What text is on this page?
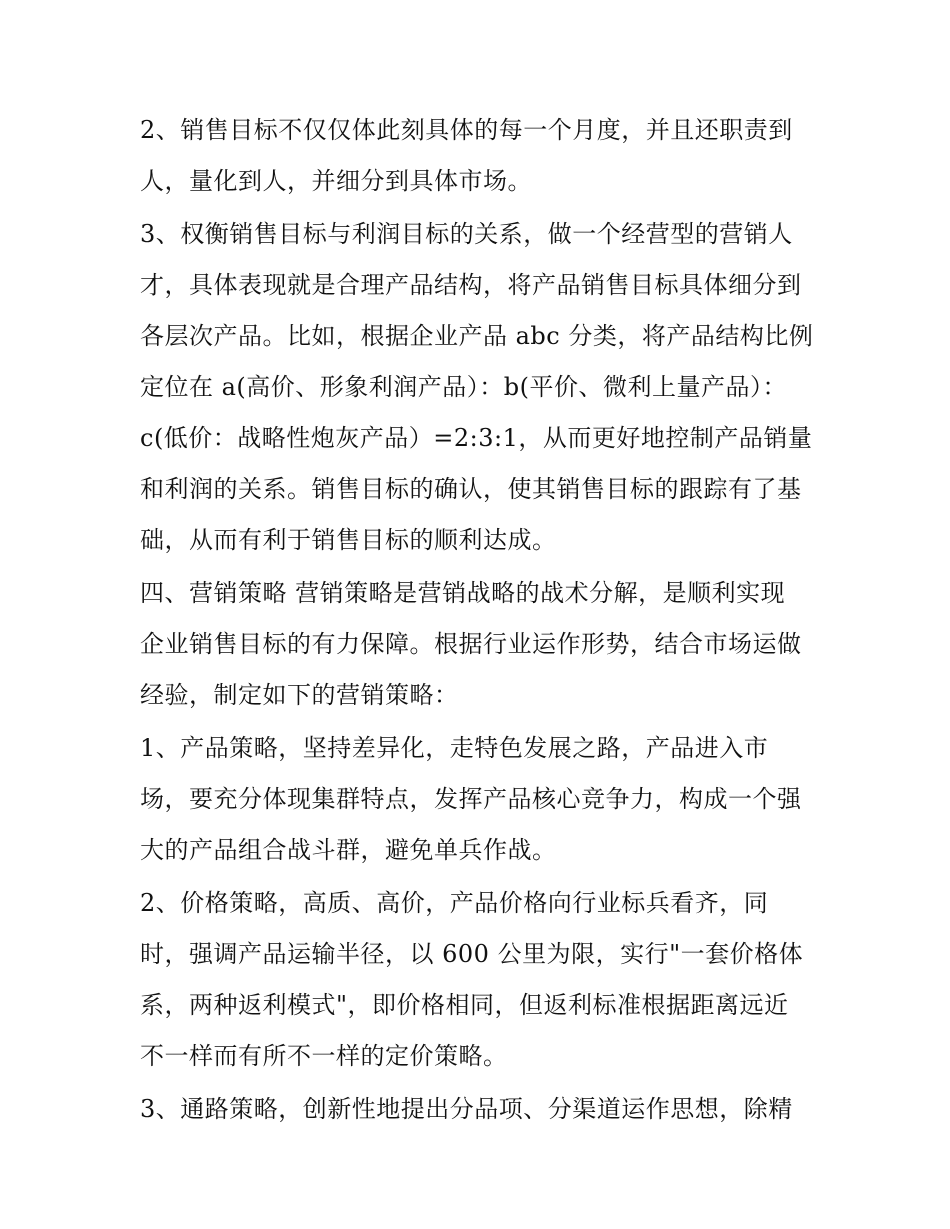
2、销售目标不仅仅体此刻具体的每一个月度，并且还职责到
人，量化到人，并细分到具体市场。

3、权衡销售目标与利润目标的关系，做一个经营型的营销人
才，具体表现就是合理产品结构，将产品销售目标具体细分到
各层次产品。比如，根据企业产品 abc 分类，将产品结构比例
定位在 a(高价、形象利润产品）：b(平价、微利上量产品）：
c(低价：战略性炮灰产品）=2:3:1，从而更好地控制产品销量
和利润的关系。销售目标的确认，使其销售目标的跟踪有了基
础，从而有利于销售目标的顺利达成。

四、营销策略 营销策略是营销战略的战术分解，是顺利实现
企业销售目标的有力保障。根据行业运作形势，结合市场运做
经验，制定如下的营销策略：

1、产品策略，坚持差异化，走特色发展之路，产品进入市
场，要充分体现集群特点，发挥产品核心竞争力，构成一个强
大的产品组合战斗群，避免单兵作战。

2、价格策略，高质、高价，产品价格向行业标兵看齐，同
时，强调产品运输半径，以 600 公里为限，实行"一套价格体
系，两种返利模式"，即价格相同，但返利标准根据距离远近
不一样而有所不一样的定价策略。

3、通路策略，创新性地提出分品项、分渠道运作思想，除精
